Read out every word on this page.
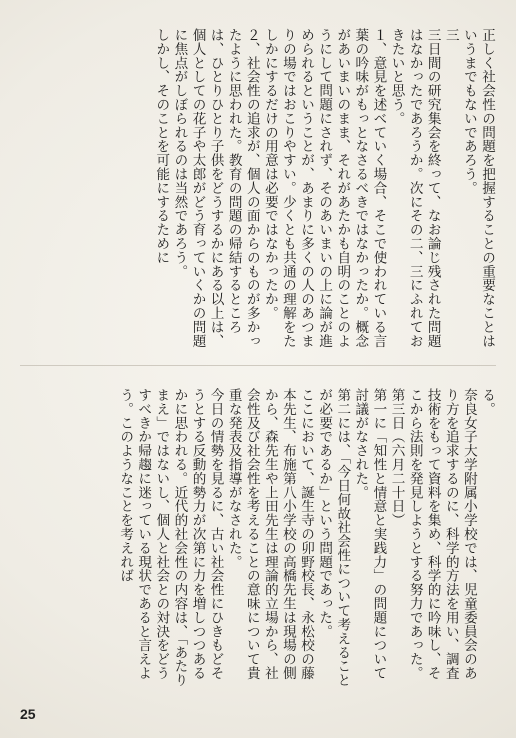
正しく社会性の問題を把握することの重要なことはいうまでもないであろう。
三
三日間の研究集会を終って、なお論じ残された問題はなかったであろうか。次にその二、三にふれておきたいと思う。
１、意見を述べていく場合、そこで使われている言葉の吟味がもっとなさるべきではなかったか。概念があいまいのまま、それがあたかも自明のことのようにして問題にされず、そのあいまいの上に論が進められるということが、あまりに多くの人のあつまりの場ではおこりやすい。少くとも共通の理解をたしかにするだけの用意は必要ではなかったか。
２、社会性の追求が、個人の面からのものが多かったように思われた。教育の問題の帰結するところは、ひとりひとり子供をどうするかにある以上は、個人としての花子や太郎がどう育っていくかの問題に焦点がしぼられるのは当然であろう。
しかし、そのことを可能にするために
る。
奈良女子大学附属小学校では、児童委員会のあり方を追求するのに、科学的方法を用い、調査技術をもって資料を集め、科学的に吟味し、そこから法則を発見しようとする努力であった。
第三日（六月二十日）
第一に「知性と情意と実践力」の問題について討議がなされた。
第二には、「今日何故社会性について考えることが必要であるか」という問題であった。
ここにおいて、誕生寺の卯野校長、永松校の藤本先生、布施第八小学校の高橋先生は現場の側から、森先生や上田先生は理論的立場から、社会性及び社会性を考えることの意味について貴重な発表及指導がなされた。
今日の情勢を見るに、古い社会性にひきもどそうとする反動的勢力が次第に力を増しつつあるかに思われる。近代的社会性の内容は、「あたりまえ」ではないし、個人と社会との対決をどうすべきか帰趨に迷っている現状であると言えよう。このようなことを考えれば
25
